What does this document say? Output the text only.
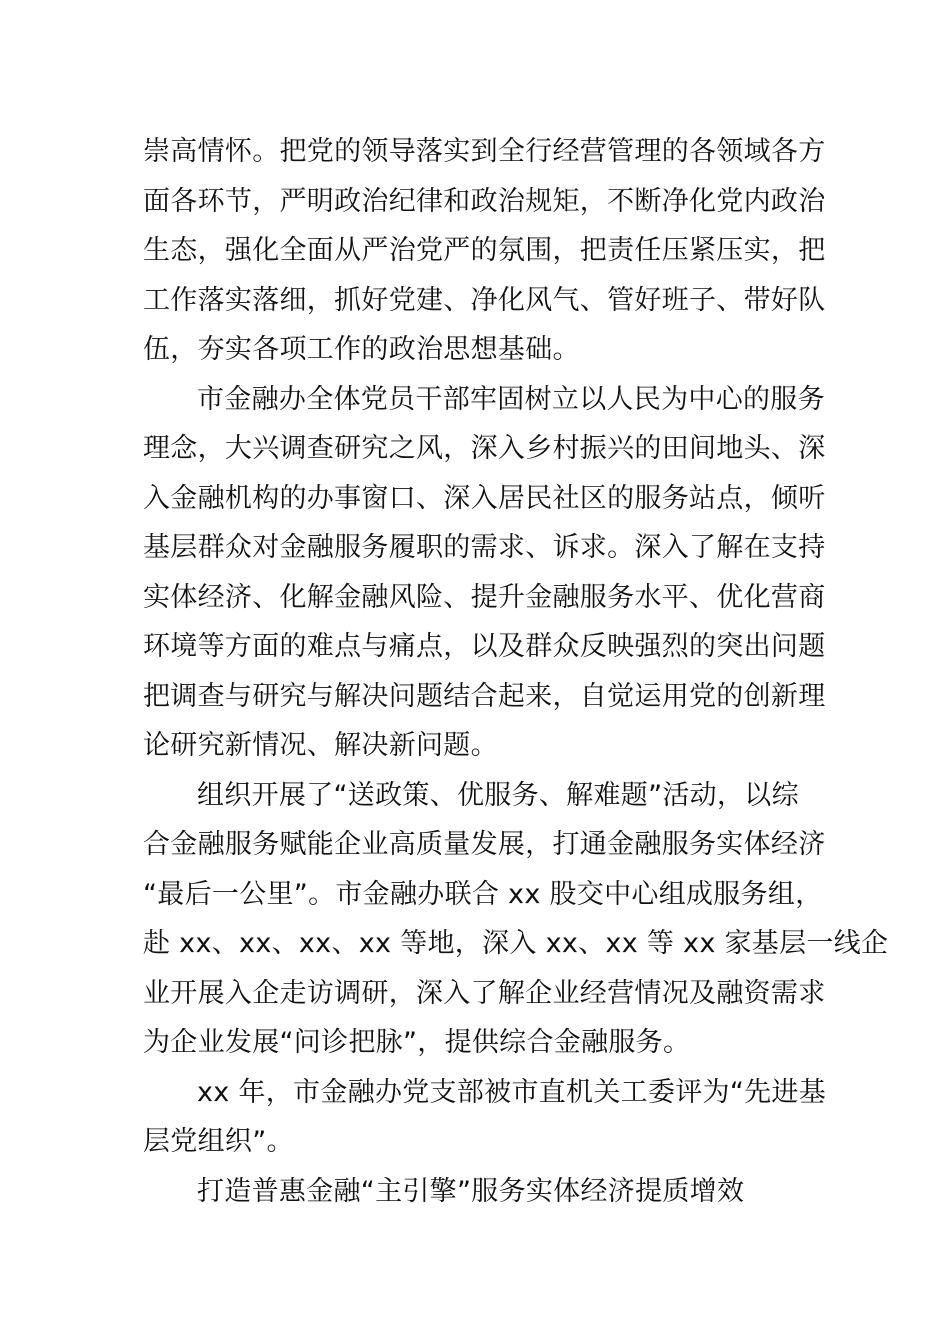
崇高情怀。把党的领导落实到全行经营管理的各领域各方
面各环节，严明政治纪律和政治规矩，不断净化党内政治
生态，强化全面从严治党严的氛围，把责任压紧压实，把
工作落实落细，抓好党建、净化风气、管好班子、带好队
伍，夯实各项工作的政治思想基础。
市金融办全体党员干部牢固树立以人民为中心的服务
理念，大兴调查研究之风，深入乡村振兴的田间地头、深
入金融机构的办事窗口、深入居民社区的服务站点，倾听
基层群众对金融服务履职的需求、诉求。深入了解在支持
实体经济、化解金融风险、提升金融服务水平、优化营商
环境等方面的难点与痛点，以及群众反映强烈的突出问题
把调查与研究与解决问题结合起来，自觉运用党的创新理
论研究新情况、解决新问题。
组织开展了“送政策、优服务、解难题”活动，以综
合金融服务赋能企业高质量发展，打通金融服务实体经济
“最后一公里”。市金融办联合 xx 股交中心组成服务组，
赴 xx、xx、xx、xx 等地，深入 xx、xx 等 xx 家基层一线企
业开展入企走访调研，深入了解企业经营情况及融资需求
为企业发展“问诊把脉”，提供综合金融服务。
xx 年，市金融办党支部被市直机关工委评为“先进基
层党组织”。
打造普惠金融“主引擎”服务实体经济提质增效
